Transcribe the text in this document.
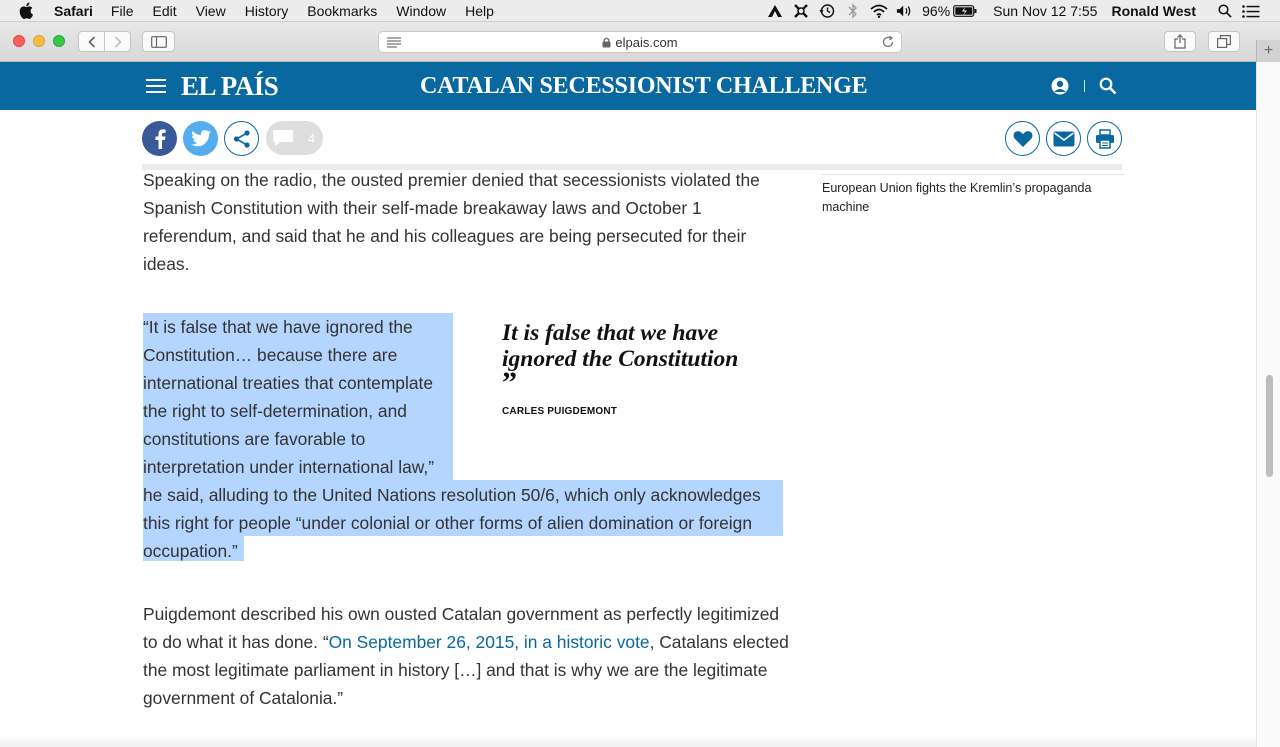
Safari File Edit View History Bookmarks Window Help	96%	Sun Nov 12 7:55 Ronald West
elpais.com	+
EL PAÍS	CATALAN SECESSIONIST CHALLENGE
4
European Union fights the Kremlin’s propaganda machine

Speaking on the radio, the ousted premier denied that secessionists violated the Spanish Constitution with their self-made breakaway laws and October 1 referendum, and said that he and his colleagues are being persecuted for their ideas.

“It is false that we have ignored the
Constitution… because there are
international treaties that contemplate
the right to self-determination, and
constitutions are favorable to
interpretation under international law,”
he said, alluding to the United Nations resolution 50/6, which only acknowledges
this right for people “under colonial or other forms of alien domination or foreign
occupation.”
It is false that we have ignored the Constitution
”
CARLES PUIGDEMONT

Puigdemont described his own ousted Catalan government as perfectly legitimized to do what it has done. “On September 26, 2015, in a historic vote, Catalans elected the most legitimate parliament in history […] and that is why we are the legitimate government of Catalonia.”
